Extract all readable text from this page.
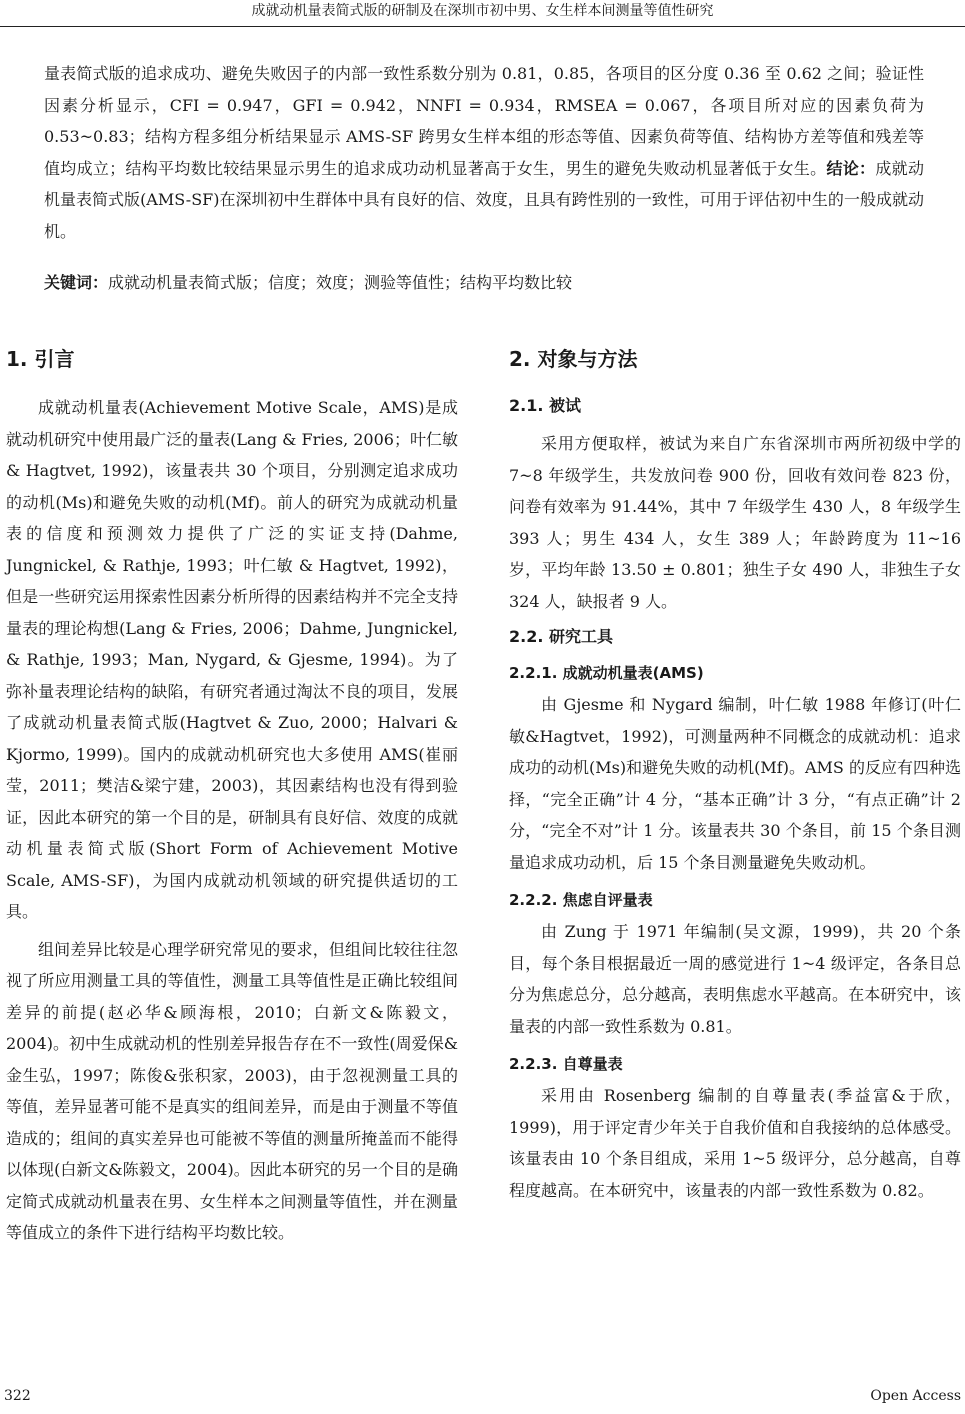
成就动机量表简式版的研制及在深圳市初中男、女生样本间测量等值性研究
量表简式版的追求成功、避免失败因子的内部一致性系数分别为 0.81，0.85，各项目的区分度 0.36 至 0.62 之间；验证性因素分析显示，CFI = 0.947，GFI = 0.942，NNFI = 0.934，RMSEA = 0.067，各项目所对应的因素负荷为 0.53~0.83；结构方程多组分析结果显示 AMS-SF 跨男女生样本组的形态等值、因素负荷等值、结构协方差等值和残差等值均成立；结构平均数比较结果显示男生的追求成功动机显著高于女生，男生的避免失败动机显著低于女生。结论：成就动机量表简式版(AMS-SF)在深圳初中生群体中具有良好的信、效度，且具有跨性别的一致性，可用于评估初中生的一般成就动机。
关键词：成就动机量表简式版；信度；效度；测验等值性；结构平均数比较
1. 引言

成就动机量表(Achievement Motive Scale，AMS)是成就动机研究中使用最广泛的量表(Lang & Fries, 2006；叶仁敏 & Hagtvet, 1992)，该量表共 30 个项目，分别测定追求成功的动机(Ms)和避免失败的动机(Mf)。前人的研究为成就动机量表的信度和预测效力提供了广泛的实证支持(Dahme, Jungnickel, & Rathje, 1993；叶仁敏 & Hagtvet, 1992)，但是一些研究运用探索性因素分析所得的因素结构并不完全支持量表的理论构想(Lang & Fries, 2006；Dahme, Jungnickel, & Rathje, 1993；Man, Nygard, & Gjesme, 1994)。为了弥补量表理论结构的缺陷，有研究者通过淘汰不良的项目，发展了成就动机量表简式版(Hagtvet & Zuo, 2000；Halvari & Kjormo, 1999)。国内的成就动机研究也大多使用 AMS(崔丽莹，2011；樊洁&梁宁建，2003)，其因素结构也没有得到验证，因此本研究的第一个目的是，研制具有良好信、效度的成就动机量表简式版(Short Form of Achievement Motive Scale, AMS-SF)，为国内成就动机领域的研究提供适切的工具。

组间差异比较是心理学研究常见的要求，但组间比较往往忽视了所应用测量工具的等值性，测量工具等值性是正确比较组间差异的前提(赵必华&顾海根，2010；白新文&陈毅文，2004)。初中生成就动机的性别差异报告存在不一致性(周爱保&金生弘，1997；陈俊&张积家，2003)，由于忽视测量工具的等值，差异显著可能不是真实的组间差异，而是由于测量不等值造成的；组间的真实差异也可能被不等值的测量所掩盖而不能得以体现(白新文&陈毅文，2004)。因此本研究的另一个目的是确定简式成就动机量表在男、女生样本之间测量等值性，并在测量等值成立的条件下进行结构平均数比较。

2. 对象与方法
2.1. 被试

采用方便取样，被试为来自广东省深圳市两所初级中学的 7~8 年级学生，共发放问卷 900 份，回收有效问卷 823 份，问卷有效率为 91.44%，其中 7 年级学生 430 人，8 年级学生 393 人；男生 434 人，女生 389 人；年龄跨度为 11~16 岁，平均年龄 13.50 ± 0.801；独生子女 490 人，非独生子女 324 人，缺报者 9 人。

2.2. 研究工具
2.2.1. 成就动机量表(AMS)

由 Gjesme 和 Nygard 编制，叶仁敏 1988 年修订(叶仁敏&Hagtvet，1992)，可测量两种不同概念的成就动机：追求成功的动机(Ms)和避免失败的动机(Mf)。AMS 的反应有四种选择，“完全正确”计 4 分，“基本正确”计 3 分，“有点正确”计 2 分，“完全不对”计 1 分。该量表共 30 个条目，前 15 个条目测量追求成功动机，后 15 个条目测量避免失败动机。

2.2.2. 焦虑自评量表

由 Zung 于 1971 年编制(吴文源，1999)，共 20 个条目，每个条目根据最近一周的感觉进行 1~4 级评定，各条目总分为焦虑总分，总分越高，表明焦虑水平越高。在本研究中，该量表的内部一致性系数为 0.81。

2.2.3. 自尊量表

采用由 Rosenberg 编制的自尊量表(季益富&于欣，1999)，用于评定青少年关于自我价值和自我接纳的总体感受。该量表由 10 个条目组成，采用 1~5 级评分，总分越高，自尊程度越高。在本研究中，该量表的内部一致性系数为 0.82。

322	Open Access
